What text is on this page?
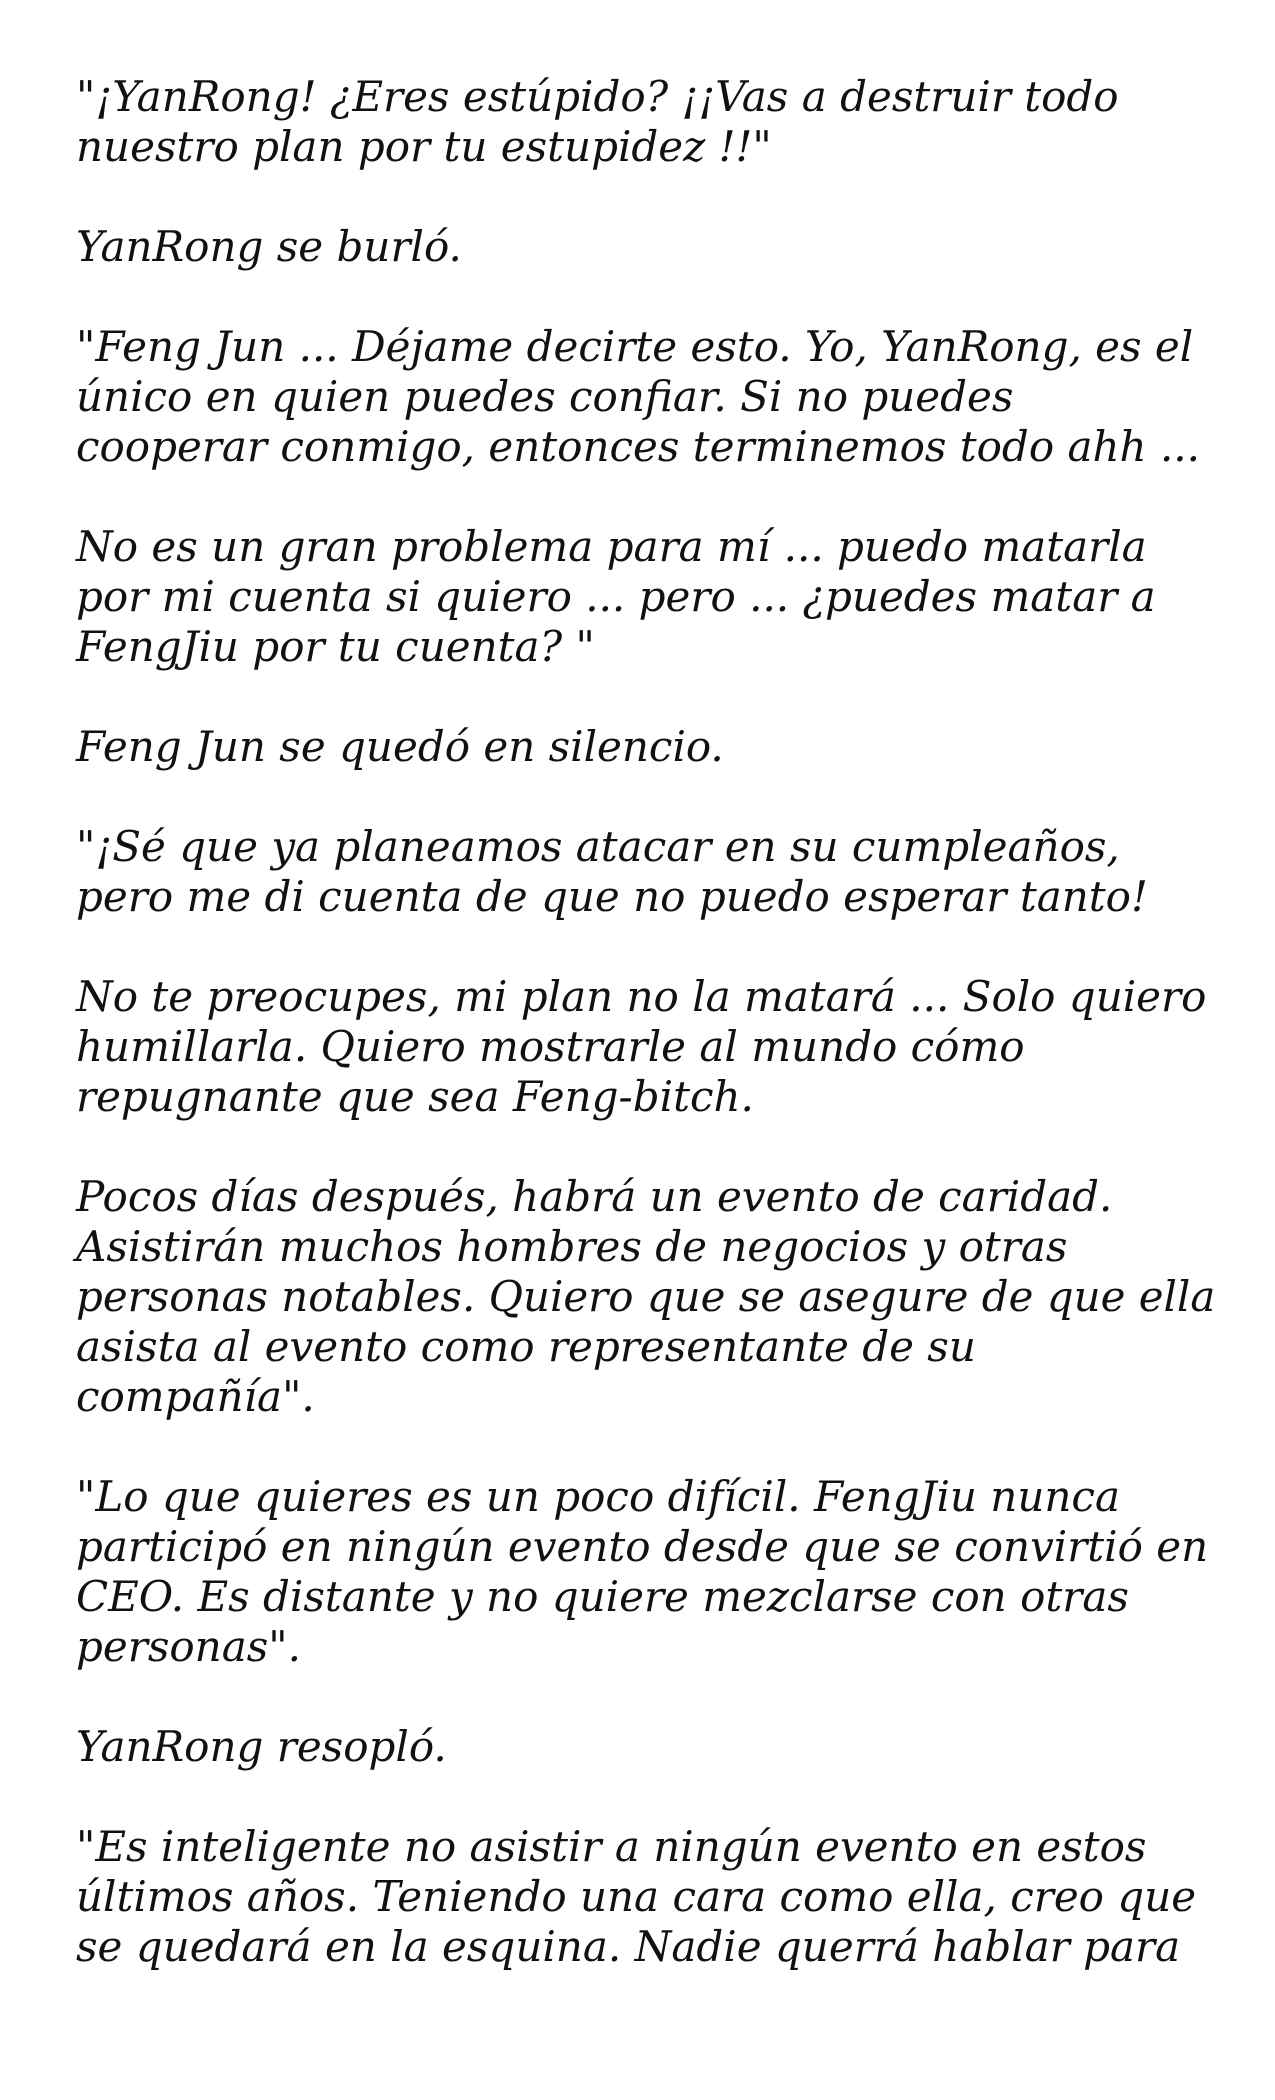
"¡YanRong! ¿Eres estúpido? ¡¡Vas a destruir todo
nuestro plan por tu estupidez !!"

YanRong se burló.

"Feng Jun ... Déjame decirte esto. Yo, YanRong, es el
único en quien puedes confiar. Si no puedes
cooperar conmigo, entonces terminemos todo ahh ...

No es un gran problema para mí ... puedo matarla
por mi cuenta si quiero ... pero ... ¿puedes matar a
FengJiu por tu cuenta? "

Feng Jun se quedó en silencio.

"¡Sé que ya planeamos atacar en su cumpleaños,
pero me di cuenta de que no puedo esperar tanto!

No te preocupes, mi plan no la matará ... Solo quiero
humillarla. Quiero mostrarle al mundo cómo
repugnante que sea Feng-bitch.

Pocos días después, habrá un evento de caridad.
Asistirán muchos hombres de negocios y otras
personas notables. Quiero que se asegure de que ella
asista al evento como representante de su
compañía".

"Lo que quieres es un poco difícil. FengJiu nunca
participó en ningún evento desde que se convirtió en
CEO. Es distante y no quiere mezclarse con otras
personas".

YanRong resopló.

"Es inteligente no asistir a ningún evento en estos
últimos años. Teniendo una cara como ella, creo que
se quedará en la esquina. Nadie querrá hablar para
